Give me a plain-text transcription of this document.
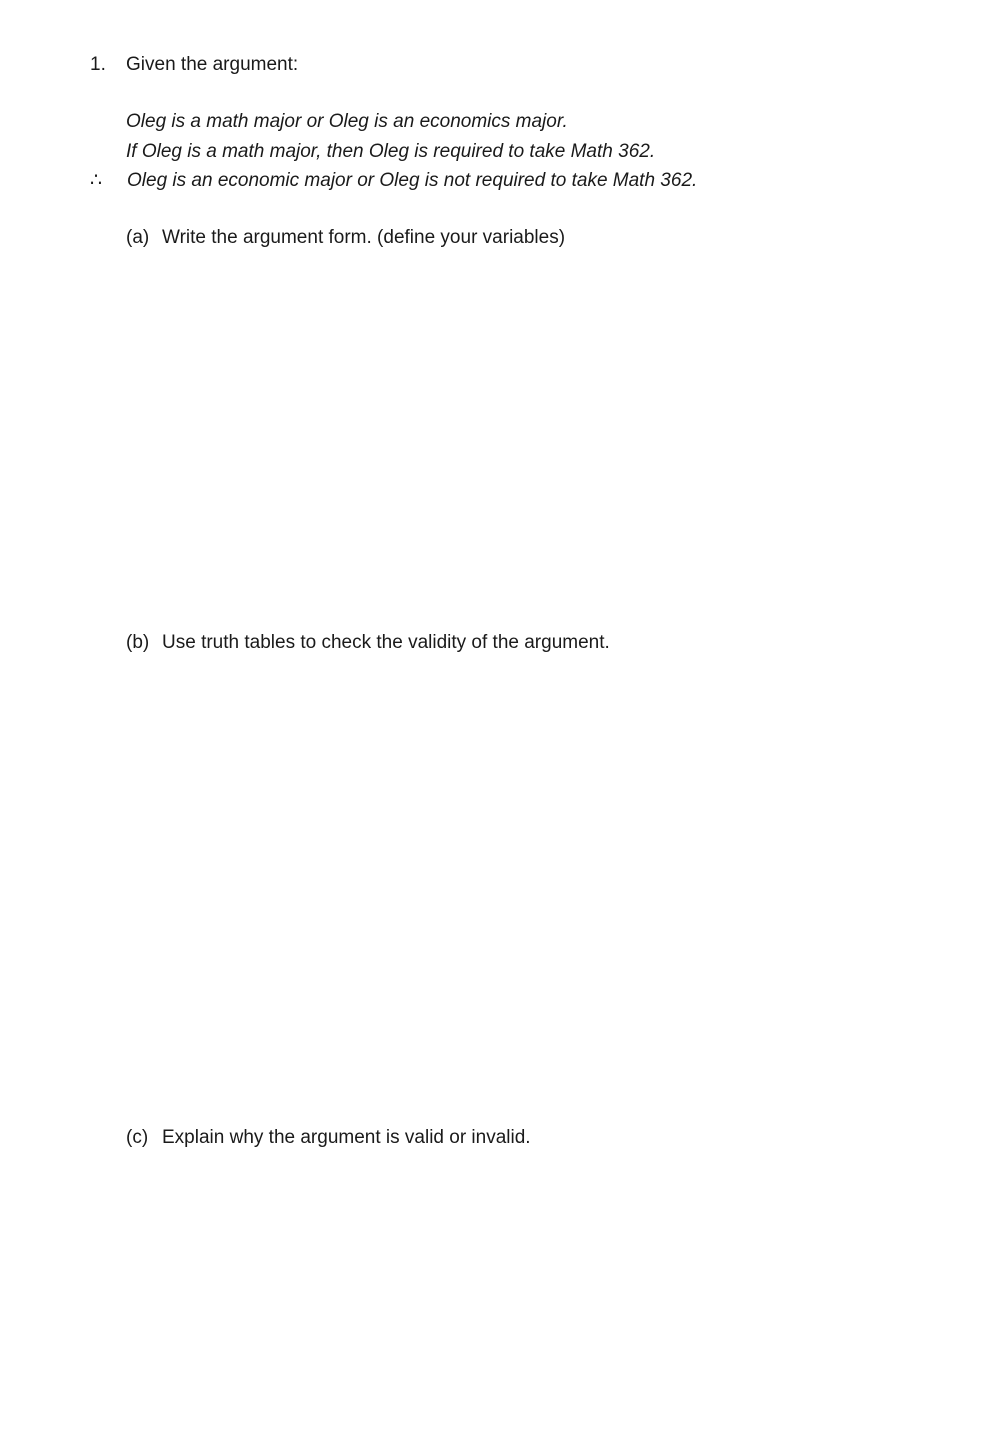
1. Given the argument:
Oleg is a math major or Oleg is an economics major.
If Oleg is a math major, then Oleg is required to take Math 362.
∴ Oleg is an economic major or Oleg is not required to take Math 362.
(a) Write the argument form. (define your variables)
(b) Use truth tables to check the validity of the argument.
(c) Explain why the argument is valid or invalid.
